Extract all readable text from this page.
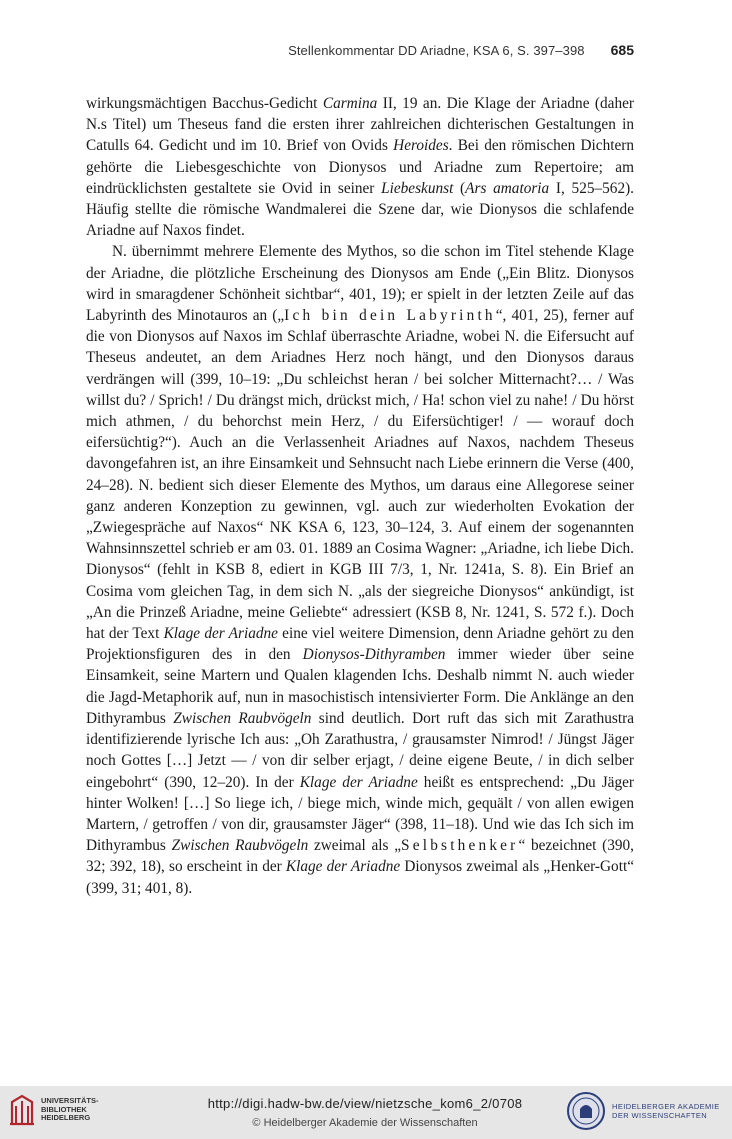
Stellenkommentar DD Ariadne, KSA 6, S. 397–398 685

wirkungsmächtigen Bacchus-Gedicht Carmina II, 19 an. Die Klage der Ariadne (daher N.s Titel) um Theseus fand die ersten ihrer zahlreichen dichterischen Gestaltungen in Catulls 64. Gedicht und im 10. Brief von Ovids Heroides. Bei den römischen Dichtern gehörte die Liebesgeschichte von Dionysos und Ariadne zum Repertoire; am eindrücklichsten gestaltete sie Ovid in seiner Liebeskunst (Ars amatoria I, 525–562). Häufig stellte die römische Wandmalerei die Szene dar, wie Dionysos die schlafende Ariadne auf Naxos findet.

N. übernimmt mehrere Elemente des Mythos, so die schon im Titel stehende Klage der Ariadne, die plötzliche Erscheinung des Dionysos am Ende („Ein Blitz. Dionysos wird in smaragdener Schönheit sichtbar“, 401, 19); er spielt in der letzten Zeile auf das Labyrinth des Minotauros an („Ich bin dein Labyrinth“, 401, 25), ferner auf die von Dionysos auf Naxos im Schlaf überraschte Ariadne, wobei N. die Eifersucht auf Theseus andeutet, an dem Ariadnes Herz noch hängt, und den Dionysos daraus verdrängen will (399, 10–19: „Du schleichst heran / bei solcher Mitternacht?… / Was willst du? / Sprich! / Du drängst mich, drückst mich, / Ha! schon viel zu nahe! / Du hörst mich athmen, / du behorchst mein Herz, / du Eifersüchtiger! / — worauf doch eifersüchtig?“). Auch an die Verlassenheit Ariadnes auf Naxos, nachdem Theseus davongefahren ist, an ihre Einsamkeit und Sehnsucht nach Liebe erinnern die Verse (400, 24–28). N. bedient sich dieser Elemente des Mythos, um daraus eine Allegorese seiner ganz anderen Konzeption zu gewinnen, vgl. auch zur wiederholten Evokation der „Zwiegespräche auf Naxos“ NK KSA 6, 123, 30–124, 3. Auf einem der sogenannten Wahnsinnszettel schrieb er am 03. 01. 1889 an Cosima Wagner: „Ariadne, ich liebe Dich. Dionysos“ (fehlt in KSB 8, ediert in KGB III 7/3, 1, Nr. 1241a, S. 8). Ein Brief an Cosima vom gleichen Tag, in dem sich N. „als der siegreiche Dionysos“ ankündigt, ist „An die Prinzeß Ariadne, meine Geliebte“ adressiert (KSB 8, Nr. 1241, S. 572 f.). Doch hat der Text Klage der Ariadne eine viel weitere Dimension, denn Ariadne gehört zu den Projektionsfiguren des in den Dionysos-Dithyramben immer wieder über seine Einsamkeit, seine Martern und Qualen klagenden Ichs. Deshalb nimmt N. auch wieder die Jagd-Metaphorik auf, nun in masochistisch intensivierter Form. Die Anklänge an den Dithyrambus Zwischen Raubvögeln sind deutlich. Dort ruft das sich mit Zarathustra identifizierende lyrische Ich aus: „Oh Zarathustra, / grausamster Nimrod! / Jüngst Jäger noch Gottes […] Jetzt — / von dir selber erjagt, / deine eigene Beute, / in dich selber eingebohrt“ (390, 12–20). In der Klage der Ariadne heißt es entsprechend: „Du Jäger hinter Wolken! […] So liege ich, / biege mich, winde mich, gequält / von allen ewigen Martern, / getroffen / von dir, grausamster Jäger“ (398, 11–18). Und wie das Ich sich im Dithyrambus Zwischen Raubvögeln zweimal als „Selbsthenker“ bezeichnet (390, 32; 392, 18), so erscheint in der Klage der Ariadne Dionysos zweimal als „Henker-Gott“ (399, 31; 401, 8).

UNIVERSITÄTS-
BIBLIOTHEK
HEIDELBERG
http://digi.hadw-bw.de/view/nietzsche_kom6_2/0708
© Heidelberger Akademie der Wissenschaften
HEIDELBERGER AKADEMIE
DER WISSENSCHAFTEN
